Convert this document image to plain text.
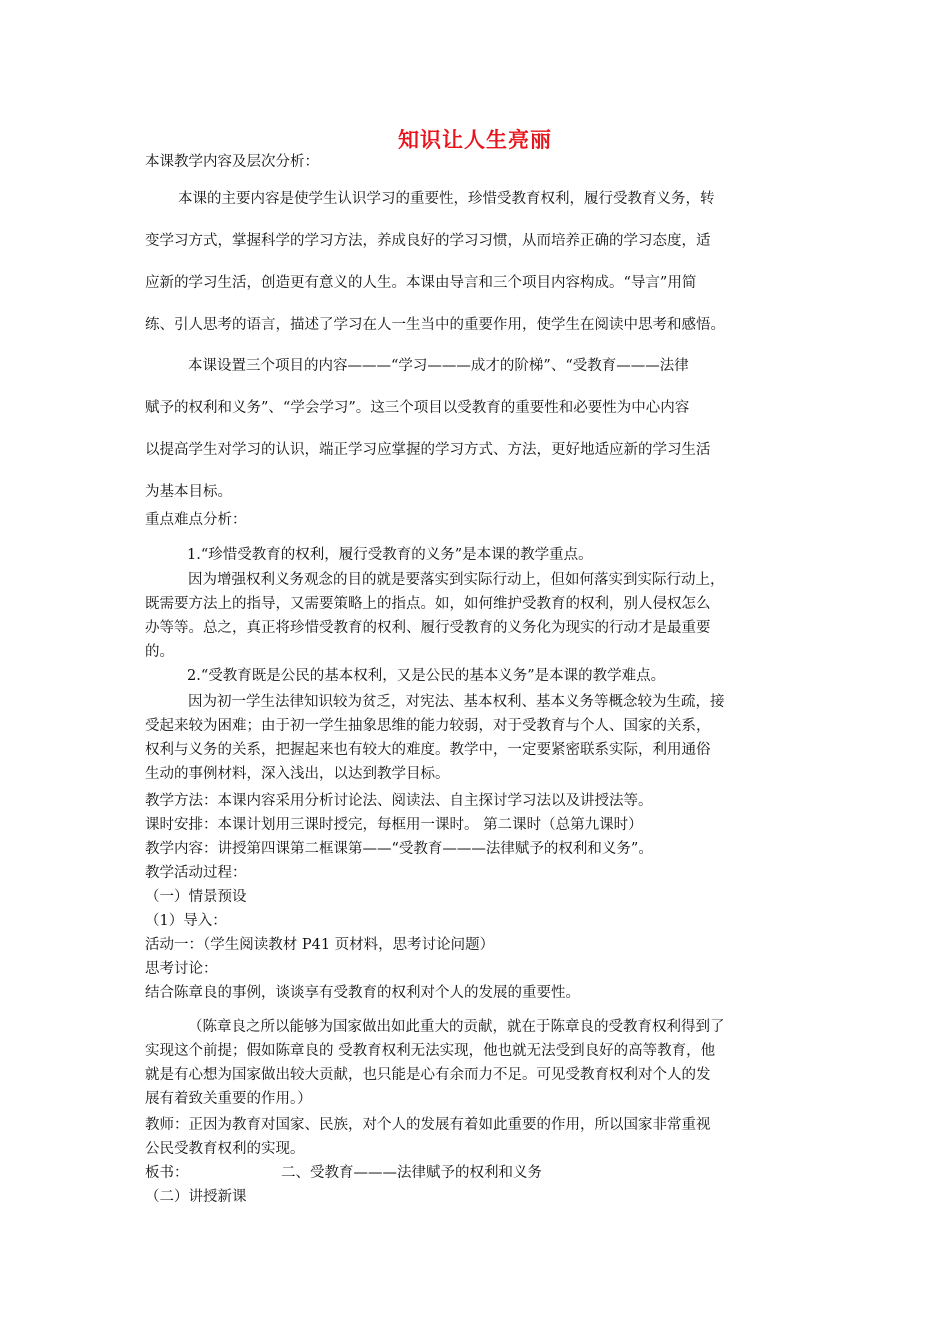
知识让人生亮丽
本课教学内容及层次分析：
本课的主要内容是使学生认识学习的重要性，珍惜受教育权利，履行受教育义务，转
变学习方式，掌握科学的学习方法，养成良好的学习习惯，从而培养正确的学习态度，适
应新的学习生活，创造更有意义的人生。本课由导言和三个项目内容构成。“导言”用简
练、引人思考的语言，描述了学习在人一生当中的重要作用，使学生在阅读中思考和感悟。
本课设置三个项目的内容———“学习———成才的阶梯”、“受教育———法律
赋予的权利和义务”、“学会学习”。这三个项目以受教育的重要性和必要性为中心内容
以提高学生对学习的认识，端正学习应掌握的学习方式、方法，更好地适应新的学习生活
为基本目标。
重点难点分析：
1.“珍惜受教育的权利，履行受教育的义务”是本课的教学重点。
因为增强权利义务观念的目的就是要落实到实际行动上，但如何落实到实际行动上，
既需要方法上的指导，又需要策略上的指点。如，如何维护受教育的权利，别人侵权怎么
办等等。总之，真正将珍惜受教育的权利、履行受教育的义务化为现实的行动才是最重要
的。
2.“受教育既是公民的基本权利，又是公民的基本义务”是本课的教学难点。
因为初一学生法律知识较为贫乏，对宪法、基本权利、基本义务等概念较为生疏，接
受起来较为困难；由于初一学生抽象思维的能力较弱，对于受教育与个人、国家的关系，
权利与义务的关系，把握起来也有较大的难度。教学中，一定要紧密联系实际，利用通俗
生动的事例材料，深入浅出，以达到教学目标。
教学方法：本课内容采用分析讨论法、阅读法、自主探讨学习法以及讲授法等。
课时安排：本课计划用三课时授完，每框用一课时。 第二课时（总第九课时）
教学内容：讲授第四课第二框课第——“受教育———法律赋予的权利和义务”。
教学活动过程：
（一）情景预设
（1）导入：
活动一：（学生阅读教材 P41 页材料，思考讨论问题）
思考讨论：
结合陈章良的事例，谈谈享有受教育的权利对个人的发展的重要性。
（陈章良之所以能够为国家做出如此重大的贡献，就在于陈章良的受教育权利得到了
实现这个前提；假如陈章良的 受教育权利无法实现，他也就无法受到良好的高等教育，他
就是有心想为国家做出较大贡献，也只能是心有余而力不足。可见受教育权利对个人的发
展有着致关重要的作用。）
教师：正因为教育对国家、民族，对个人的发展有着如此重要的作用，所以国家非常重视
公民受教育权利的实现。
板书：	二、受教育———法律赋予的权利和义务
（二）讲授新课
